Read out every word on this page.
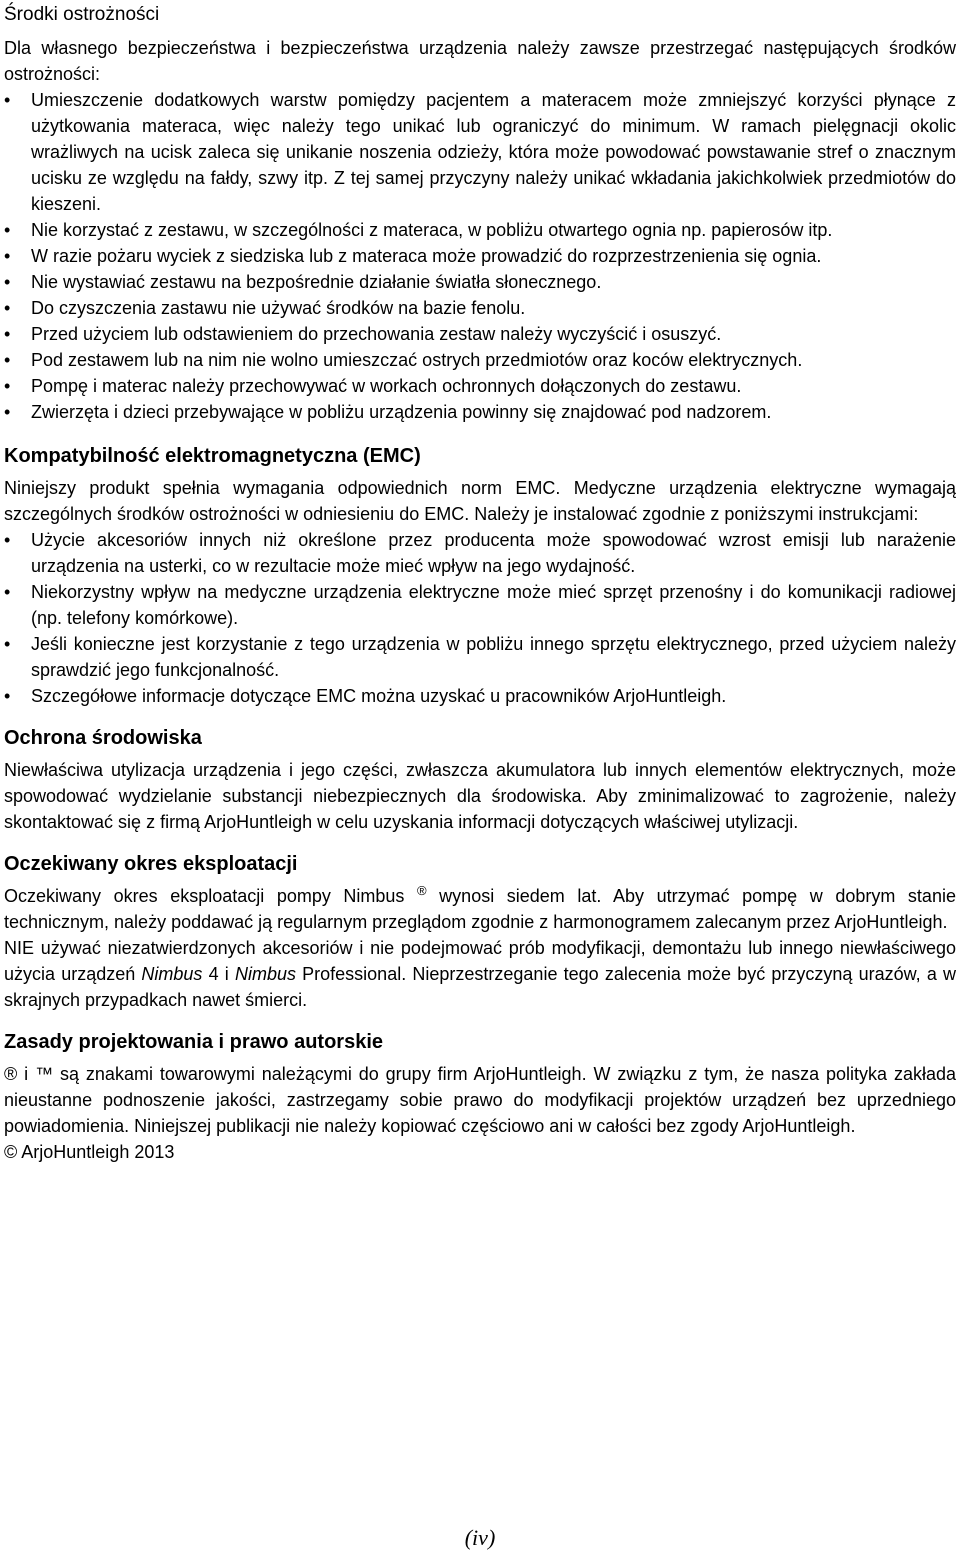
Środki ostrożności

Dla własnego bezpieczeństwa i bezpieczeństwa urządzenia należy zawsze przestrzegać następujących środków ostrożności:

•	Umieszczenie dodatkowych warstw pomiędzy pacjentem a materacem może zmniejszyć korzyści płynące z użytkowania materaca, więc należy tego unikać lub ograniczyć do minimum. W ramach pielęgnacji okolic wrażliwych na ucisk zaleca się unikanie noszenia odzieży, która może powodować powstawanie stref o znacznym ucisku ze względu na fałdy, szwy itp. Z tej samej przyczyny należy unikać wkładania jakichkolwiek przedmiotów do kieszeni.
•	Nie korzystać z zestawu, w szczególności z materaca, w pobliżu otwartego ognia np. papierosów itp.
•	W razie pożaru wyciek z siedziska lub z materaca może prowadzić do rozprzestrzenienia się ognia.
•	Nie wystawiać zestawu na bezpośrednie działanie światła słonecznego.
•	Do czyszczenia zastawu nie używać środków na bazie fenolu.
•	Przed użyciem lub odstawieniem do przechowania zestaw należy wyczyścić i osuszyć.
•	Pod zestawem lub na nim nie wolno umieszczać ostrych przedmiotów oraz koców elektrycznych.
•	Pompę i materac należy przechowywać w workach ochronnych dołączonych do zestawu.
•	Zwierzęta i dzieci przebywające w pobliżu urządzenia powinny się znajdować pod nadzorem.
Kompatybilność elektromagnetyczna (EMC)

Niniejszy produkt spełnia wymagania odpowiednich norm EMC. Medyczne urządzenia elektryczne wymagają szczególnych środków ostrożności w odniesieniu do EMC. Należy je instalować zgodnie z poniższymi instrukcjami:

•	Użycie akcesoriów innych niż określone przez producenta może spowodować wzrost emisji lub narażenie urządzenia na usterki, co w rezultacie może mieć wpływ na jego wydajność.
•	Niekorzystny wpływ na medyczne urządzenia elektryczne może mieć sprzęt przenośny i do komunikacji radiowej (np. telefony komórkowe).
•	Jeśli konieczne jest korzystanie z tego urządzenia w pobliżu innego sprzętu elektrycznego, przed użyciem należy sprawdzić jego funkcjonalność.
•	Szczegółowe informacje dotyczące EMC można uzyskać u pracowników ArjoHuntleigh.
Ochrona środowiska

Niewłaściwa utylizacja urządzenia i jego części, zwłaszcza akumulatora lub innych elementów elektrycznych, może spowodować wydzielanie substancji niebezpiecznych dla środowiska. Aby zminimalizować to zagrożenie, należy skontaktować się z firmą ArjoHuntleigh w celu uzyskania informacji dotyczących właściwej utylizacji.

Oczekiwany okres eksploatacji

Oczekiwany okres eksploatacji pompy Nimbus ® wynosi siedem lat. Aby utrzymać pompę w dobrym stanie technicznym, należy poddawać ją regularnym przeglądom zgodnie z harmonogramem zalecanym przez ArjoHuntleigh.

NIE używać niezatwierdzonych akcesoriów i nie podejmować prób modyfikacji, demontażu lub innego niewłaściwego użycia urządzeń Nimbus 4 i Nimbus Professional. Nieprzestrzeganie tego zalecenia może być przyczyną urazów, a w skrajnych przypadkach nawet śmierci.

Zasady projektowania i prawo autorskie

® i ™ są znakami towarowymi należącymi do grupy firm ArjoHuntleigh. W związku z tym, że nasza polityka zakłada nieustanne podnoszenie jakości, zastrzegamy sobie prawo do modyfikacji projektów urządzeń bez uprzedniego powiadomienia. Niniejszej publikacji nie należy kopiować częściowo ani w całości bez zgody ArjoHuntleigh.

© ArjoHuntleigh 2013

(iv)
